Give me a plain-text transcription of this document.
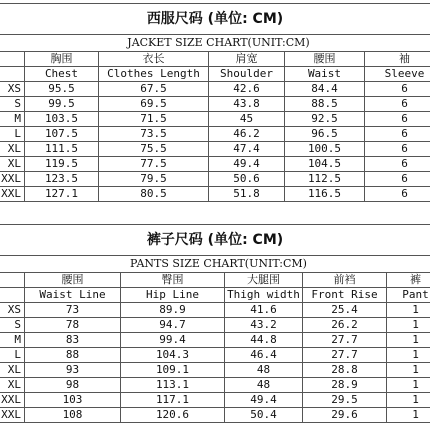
西服尺码 (单位: CM)
JACKET SIZE CHART(UNIT:CM)					
	胸围	衣长	肩宽	腰围	袖
	Chest	Clothes Length	Shoulder	Waist	Sleeve
XS	95.5	67.5	42.6	84.4	6
S	99.5	69.5	43.8	88.5	6
M	103.5	71.5	45	92.5	6
L	107.5	73.5	46.2	96.5	6
XL	111.5	75.5	47.4	100.5	6
XL	119.5	77.5	49.4	104.5	6
XXL	123.5	79.5	50.6	112.5	6
XXL	127.1	80.5	51.8	116.5	6
裤子尺码 (单位: CM)
PANTS SIZE CHART(UNIT:CM)					
	腰围	臀围	大腿围	前裆	裤
	Waist Line	Hip Line	Thigh width	Front Rise	Pant
XS	73	89.9	41.6	25.4	1
S	78	94.7	43.2	26.2	1
M	83	99.4	44.8	27.7	1
L	88	104.3	46.4	27.7	1
XL	93	109.1	48	28.8	1
XL	98	113.1	48	28.9	1
XXL	103	117.1	49.4	29.5	1
XXL	108	120.6	50.4	29.6	1
